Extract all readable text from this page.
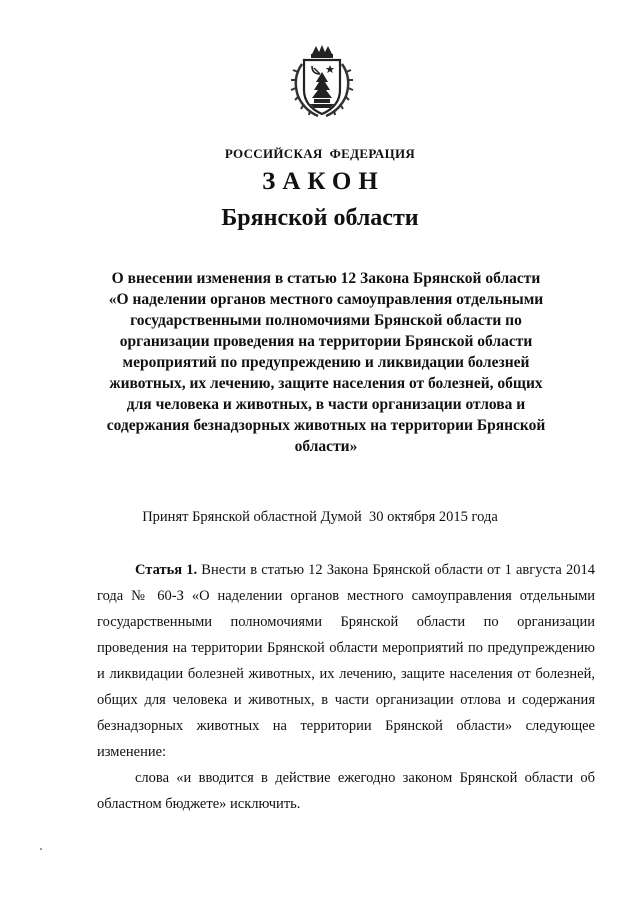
РОССИЙСКАЯ  ФЕДЕРАЦИЯ
ЗАКОН
Брянской области
О внесении изменения в статью 12 Закона Брянской области
«О наделении органов местного самоуправления отдельными
государственными полномочиями Брянской области по
организации проведения на территории Брянской области
мероприятий по предупреждению и ликвидации болезней
животных, их лечению, защите населения от болезней, общих
для человека и животных, в части организации отлова и
содержания безнадзорных животных на территории Брянской
области»
Принят Брянской областной Думой  30 октября 2015 года

Статья 1. Внести в статью 12 Закона Брянской области от 1 августа 2014 года № 60-З «О наделении органов местного самоуправления отдельными государственными полномочиями Брянской области по организации проведения на территории Брянской области мероприятий по предупреждению и ликвидации болезней животных, их лечению, защите населения от болезней, общих для человека и животных, в части организации отлова и содержания безнадзорных животных на территории Брянской области» следующее изменение:

слова «и вводится в действие ежегодно законом Брянской области об областном бюджете» исключить.
